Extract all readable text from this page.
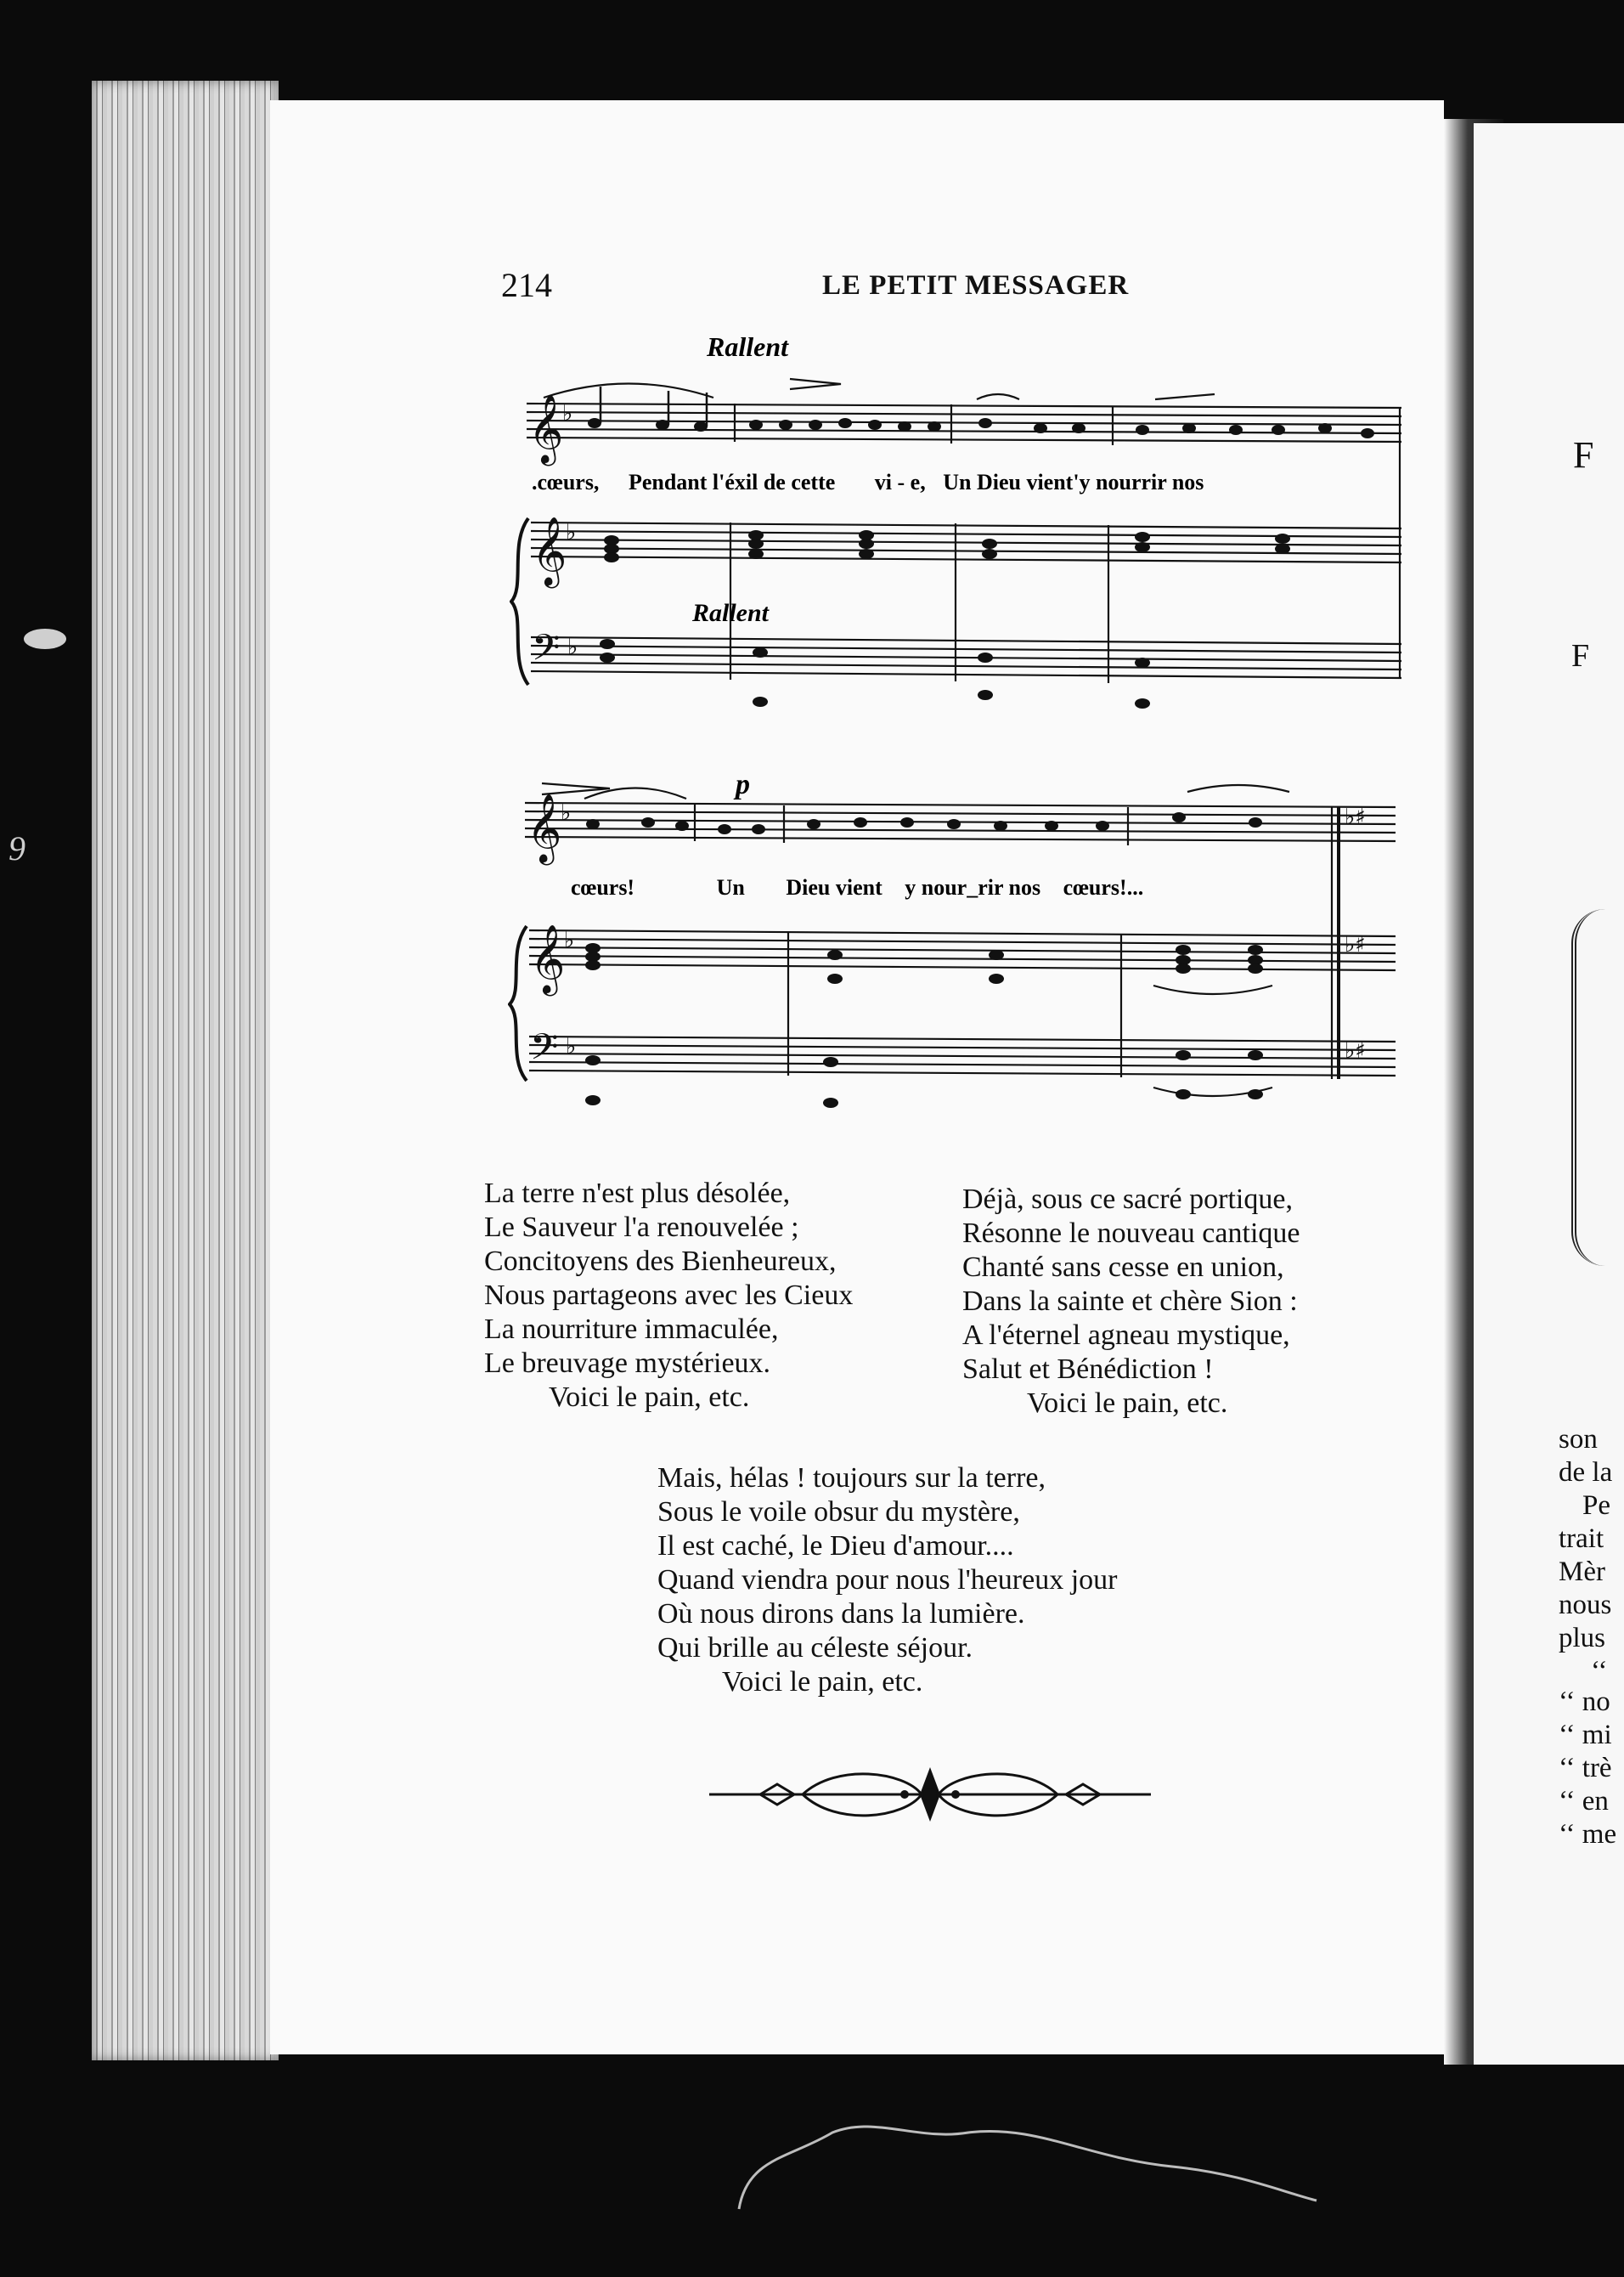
9
214	LE PETIT MESSAGER
Rallent
𝄞
♭
𝄞
♭
𝄢 ♭
.cœurs, Pendant l'éxil de cette vi - e, Un Dieu vient'y nourrir nos
Rallent
p
𝄞
♭
𝄞
♭
𝄢 ♭
♭♯
♭♯
♭♯
cœurs!	Un Dieu vient y nour_rir nos cœurs!...
La terre n'est plus désolée,
Le Sauveur l'a renouvelée ;
Concitoyens des Bienheureux,
Nous partageons avec les Cieux
La nourriture immaculée,
Le breuvage mystérieux.
Voici le pain, etc.
Déjà, sous ce sacré portique,
Résonne le nouveau cantique
Chanté sans cesse en union,
Dans la sainte et chère Sion :
A l'éternel agneau mystique,
Salut et Bénédiction !
Voici le pain, etc.
Mais, hélas ! toujours sur la terre,
Sous le voile obsur du mystère,
Il est caché, le Dieu d'amour....
Quand viendra pour nous l'heureux jour
Où nous dirons dans la lumière.
Qui brille au céleste séjour.
Voici le pain, etc.
F
F
son
de la
Pe
trait
Mèr
nous
plus
‘‘
‘‘ no
‘‘ mi
‘‘ trè
‘‘ en
‘‘ me
